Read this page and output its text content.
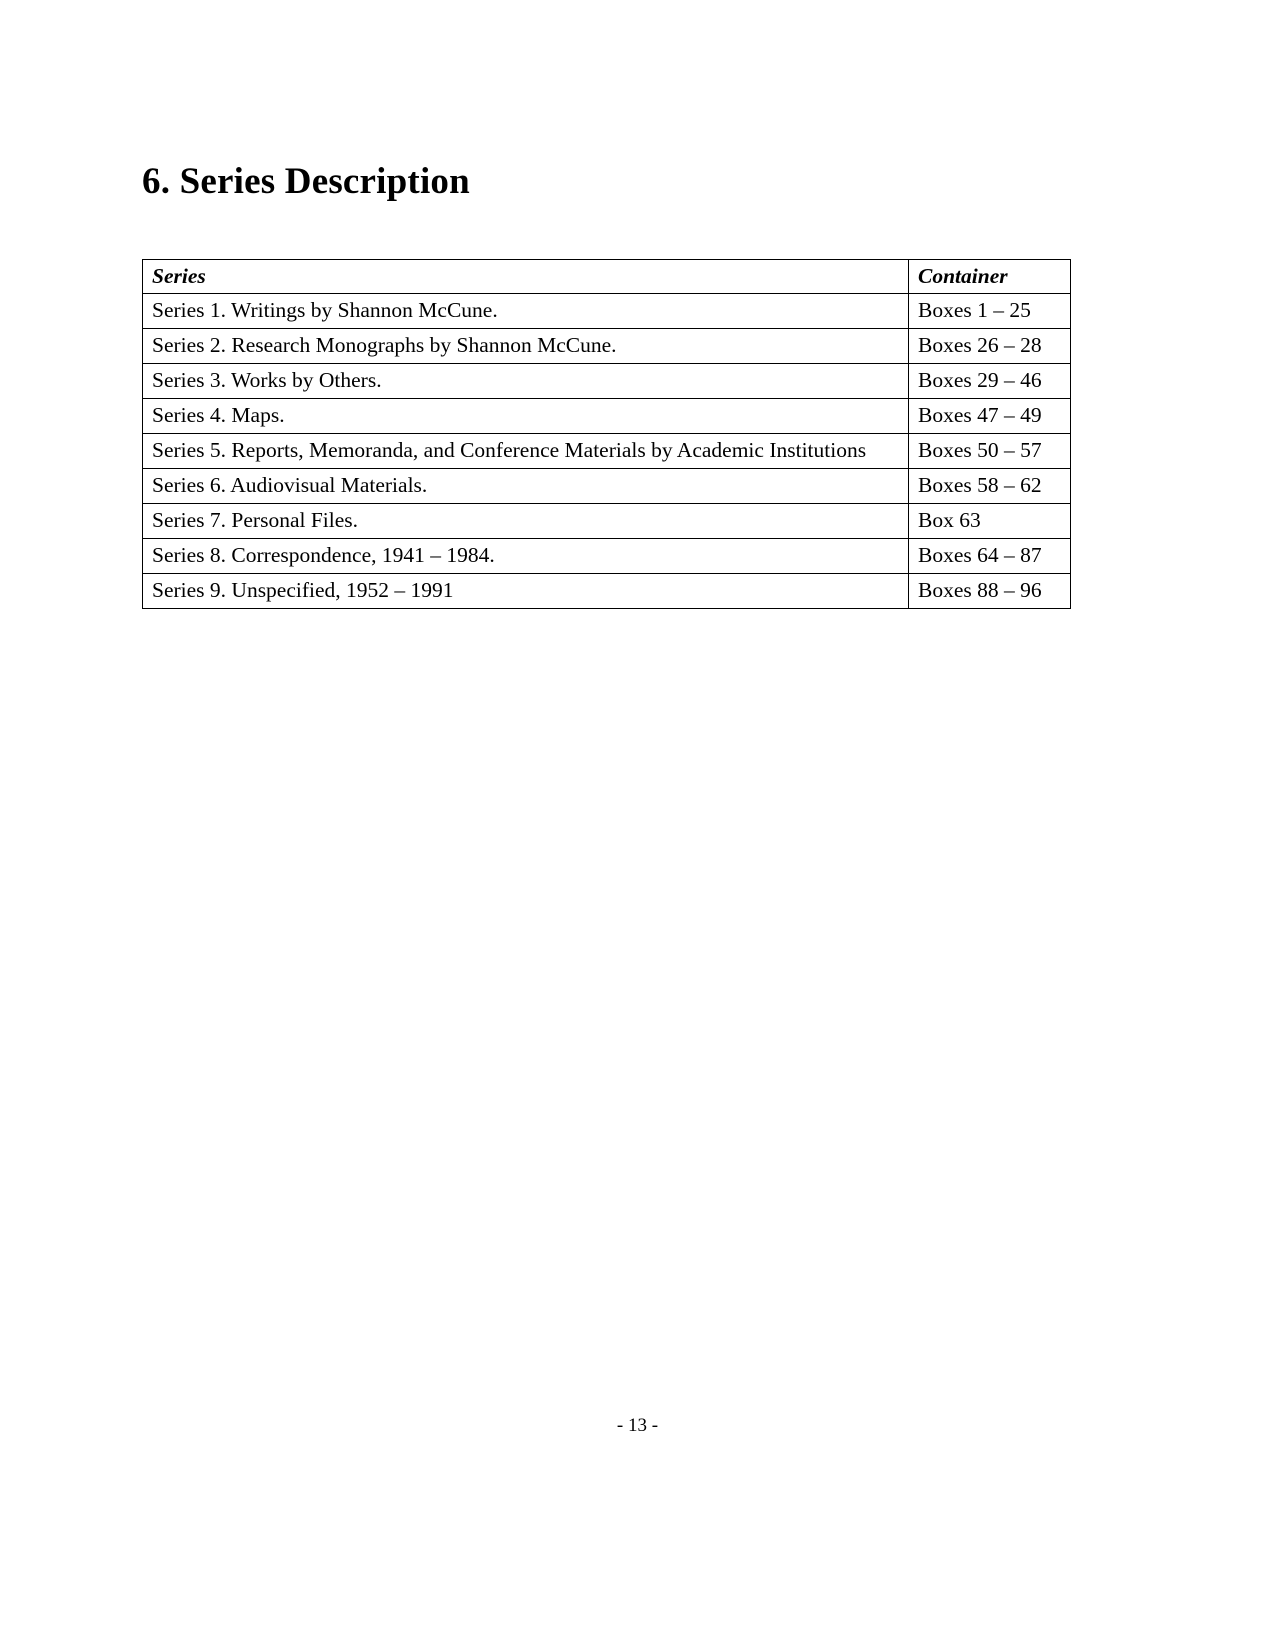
6. Series Description
Series	Container
Series 1. Writings by Shannon McCune.	Boxes 1 – 25
Series 2. Research Monographs by Shannon McCune.	Boxes 26 – 28
Series 3. Works by Others.	Boxes 29 – 46
Series 4. Maps.	Boxes 47 – 49
Series 5. Reports, Memoranda, and Conference Materials by Academic Institutions	Boxes 50 – 57
Series 6. Audiovisual Materials.	Boxes 58 – 62
Series 7. Personal Files.	Box 63
Series 8. Correspondence, 1941 – 1984.	Boxes 64 – 87
Series 9. Unspecified, 1952 – 1991	Boxes 88 – 96
- 13 -
